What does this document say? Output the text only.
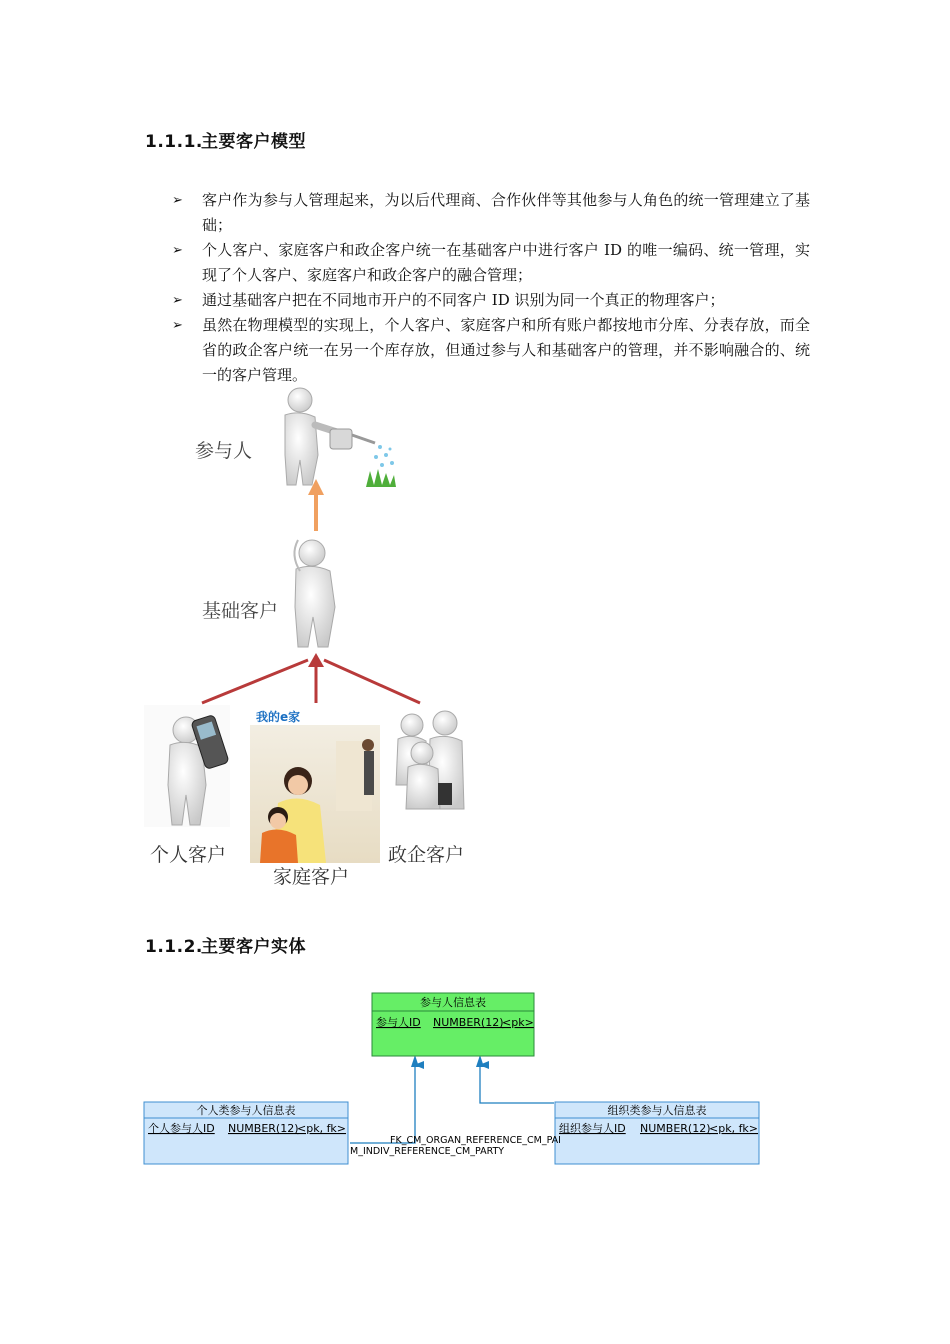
1.1.1.主要客户模型
➢ 客户作为参与人管理起来，为以后代理商、合作伙伴等其他参与人角色的统一管理建立了基础；
➢ 个人客户、家庭客户和政企客户统一在基础客户中进行客户 ID 的唯一编码、统一管理，实现了个人客户、家庭客户和政企客户的融合管理；
➢ 通过基础客户把在不同地市开户的不同客户 ID 识别为同一个真正的物理客户；
➢ 虽然在物理模型的实现上，个人客户、家庭客户和所有账户都按地市分库、分表存放，而全省的政企客户统一在另一个库存放，但通过参与人和基础客户的管理，并不影响融合的、统一的客户管理。
参与人
基础客户
个人客户
我的e家
家庭客户
政企客户
1.1.2.主要客户实体
参与人信息表
参与人ID NUMBER(12)
<pk>
个人类参与人信息表
个人参与人ID NUMBER(12)
<pk, fk>
组织类参与人信息表
组织参与人ID NUMBER(12)
<pk, fk>
FK_CM_ORGAN_REFERENCE_CM_PAI
M_INDIV_REFERENCE_CM_PARTY
